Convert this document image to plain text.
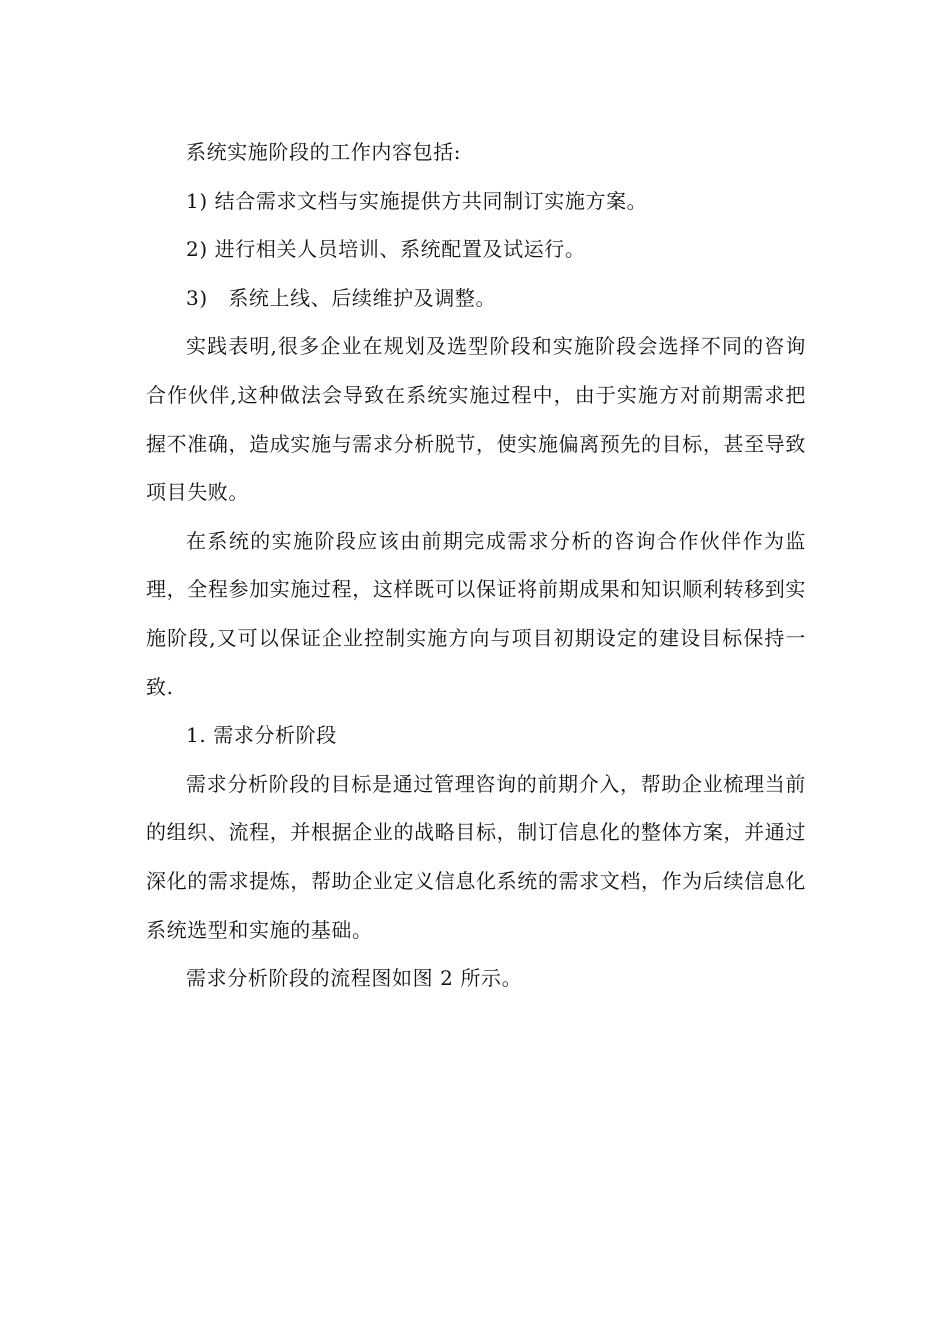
系统实施阶段的工作内容包括:

1) 结合需求文档与实施提供方共同制订实施方案。

2) 进行相关人员培训、系统配置及试运行。

3)　系统上线、后续维护及调整。

实践表明,很多企业在规划及选型阶段和实施阶段会选择不同的咨询合作伙伴,这种做法会导致在系统实施过程中，由于实施方对前期需求把握不准确，造成实施与需求分析脱节，使实施偏离预先的目标，甚至导致项目失败。

在系统的实施阶段应该由前期完成需求分析的咨询合作伙伴作为监理，全程参加实施过程，这样既可以保证将前期成果和知识顺利转移到实施阶段,又可以保证企业控制实施方向与项目初期设定的建设目标保持一致.

1. 需求分析阶段

需求分析阶段的目标是通过管理咨询的前期介入，帮助企业梳理当前的组织、流程，并根据企业的战略目标，制订信息化的整体方案，并通过深化的需求提炼，帮助企业定义信息化系统的需求文档，作为后续信息化系统选型和实施的基础。

需求分析阶段的流程图如图 2 所示。
